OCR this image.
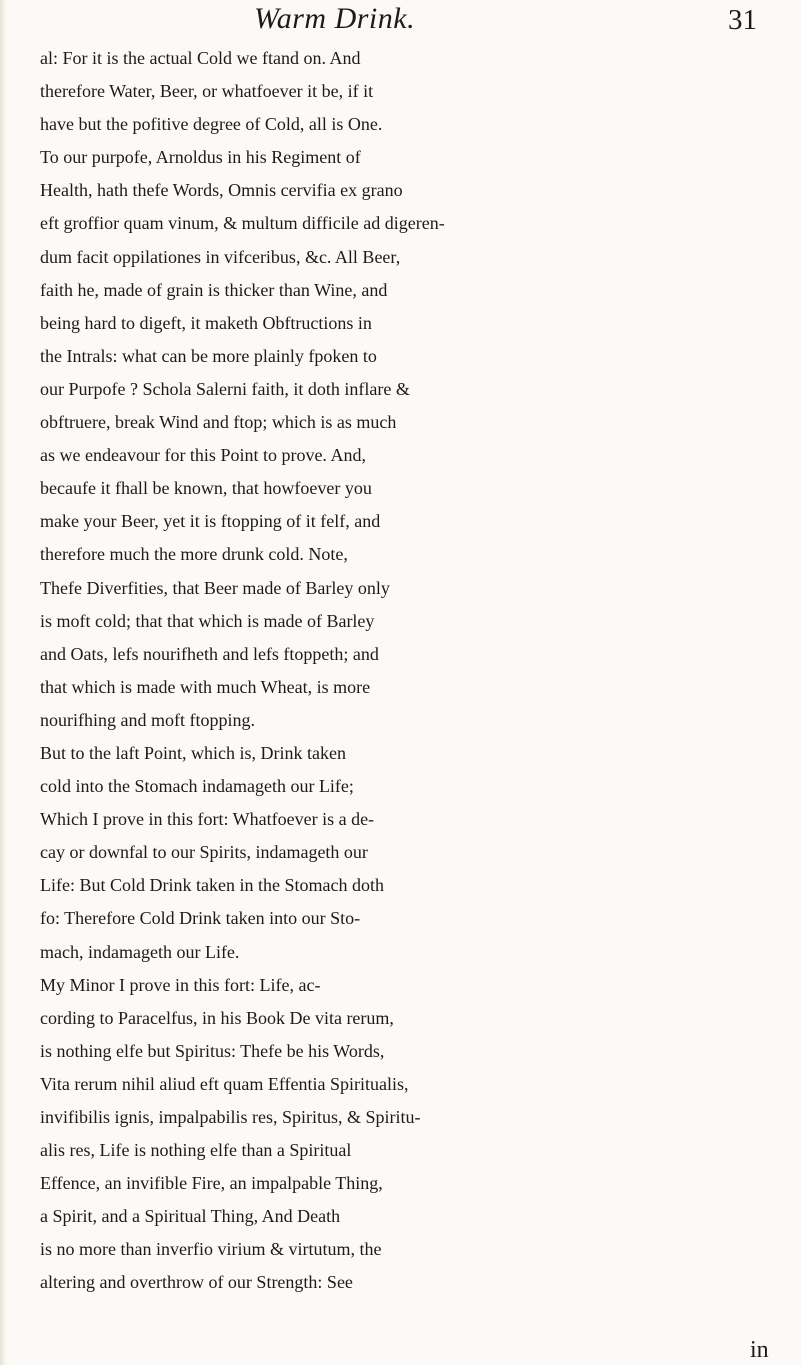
Warm Drink.	31
al: For it is the actual Cold we ftand on. And
therefore Water, Beer, or whatfoever it be, if it
have but the pofitive degree of Cold, all is One.
To our purpofe, Arnoldus in his Regiment of
Health, hath thefe Words, Omnis cervifia ex grano
eft groffior quam vinum, & multum difficile ad digeren-
dum facit oppilationes in vifceribus, &c. All Beer,
faith he, made of grain is thicker than Wine, and
being hard to digeft, it maketh Obftructions in
the Intrals: what can be more plainly fpoken to
our Purpofe ? Schola Salerni faith, it doth inflare &
obftruere, break Wind and ftop; which is as much
as we endeavour for this Point to prove. And,
becaufe it fhall be known, that howfoever you
make your Beer, yet it is ftopping of it felf, and
therefore much the more drunk cold. Note,
Thefe Diverfities, that Beer made of Barley only
is moft cold; that that which is made of Barley
and Oats, lefs nourifheth and lefs ftoppeth; and
that which is made with much Wheat, is more
nourifhing and moft ftopping.
But to the laft Point, which is, Drink taken
cold into the Stomach indamageth our Life;
Which I prove in this fort: Whatfoever is a de-
cay or downfal to our Spirits, indamageth our
Life: But Cold Drink taken in the Stomach doth
fo: Therefore Cold Drink taken into our Sto-
mach, indamageth our Life.
My Minor I prove in this fort: Life, ac-
cording to Paracelfus, in his Book De vita rerum,
is nothing elfe but Spiritus: Thefe be his Words,
Vita rerum nihil aliud eft quam Effentia Spiritualis,
invifibilis ignis, impalpabilis res, Spiritus, & Spiritu-
alis res, Life is nothing elfe than a Spiritual
Effence, an invifible Fire, an impalpable Thing,
a Spirit, and a Spiritual Thing, And Death
is no more than inverfio virium & virtutum, the
altering and overthrow of our Strength: See
in
